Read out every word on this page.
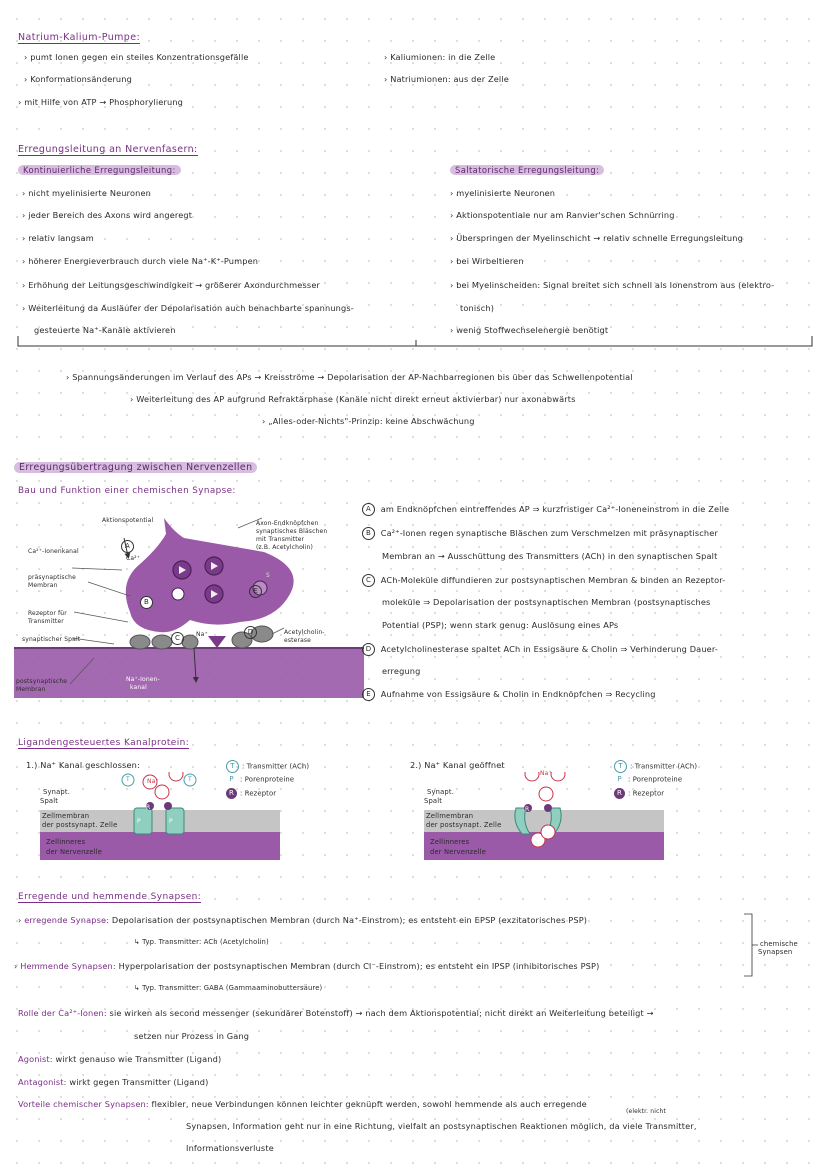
Natrium-Kalium-Pumpe:
› pumt Ionen gegen ein steiles Konzentrationsgefälle
› Konformationsänderung
› mit Hilfe von ATP → Phosphorylierung
› Kaliumionen: in die Zelle
› Natriumionen: aus der Zelle
Erregungsleitung an Nervenfasern:
Kontinuierliche Erregungsleitung:	Saltatorische Erregungsleitung:
› nicht myelinisierte Neuronen
› jeder Bereich des Axons wird angeregt
› relativ langsam
› höherer Energieverbrauch durch viele Na⁺-K⁺-Pumpen
› Erhöhung der Leitungsgeschwindigkeit → größerer Axondurchmesser
› Weiterleitung da Ausläufer der Depolarisation auch benachbarte spannungs-
gesteuerte Na⁺-Kanäle aktivieren
› myelinisierte Neuronen
› Aktionspotentiale nur am Ranvier'schen Schnürring
› Überspringen der Myelinschicht → relativ schnelle Erregungsleitung
› bei Wirbeltieren
› bei Myelinscheiden: Signal breitet sich schnell als Ionenstrom aus (elektro-
tonisch)
› wenig Stoffwechselenergie benötigt
› Spannungsänderungen im Verlauf des APs → Kreisströme → Depolarisation der AP-Nachbarregionen bis über das Schwellenpotential
› Weiterleitung des AP aufgrund Refraktärphase (Kanäle nicht direkt erneut aktivierbar) nur axonabwärts
› „Alles-oder-Nichts"-Prinzip: keine Abschwächung
Erregungsübertragung zwischen Nervenzellen
Bau und Funktion einer chemischen Synapse:
Aktionspotential	Axon-Endknöpfchen
synaptisches Bläschen
mit Transmitter
(z.B. Acetylcholin)
Ca²⁺-Ionenkanal
Ca²⁺
präsynaptische
Membran
Rezeptor für
Transmitter
synaptischer Spalt
Na⁺	Acetylcholin-
esterase
postsynaptische
Membran
Na⁺-Ionen-
kanal
A
C
D
E
S
A am Endknöpfchen eintreffendes AP ⇒ kurzfristiger Ca²⁺-Ioneneinstrom in die Zelle
B Ca²⁺-Ionen regen synaptische Bläschen zum Verschmelzen mit präsynaptischer
Membran an → Ausschüttung des Transmitters (ACh) in den synaptischen Spalt
C ACh-Moleküle diffundieren zur postsynaptischen Membran & binden an Rezeptor-
moleküle ⇒ Depolarisation der postsynaptischen Membran (postsynaptisches
Potential (PSP); wenn stark genug: Auslösung eines APs
D Acetylcholinesterase spaltet ACh in Essigsäure & Cholin ⇒ Verhinderung Dauer-
erregung
E Aufnahme von Essigsäure & Cholin in Endknöpfchen ⇒ Recycling
Ligandengesteuertes Kanalprotein:
1.) Na⁺ Kanal geschlossen:	2.) Na⁺ Kanal geöffnet
T : Transmitter (ACh)
P : Porenproteine
R : Rezeptor
T : Transmitter (ACh)
P : Porenproteine
R : Rezeptor
Synapt.
Spalt
Zellmembran
der postsynapt. Zelle
Zellinneres
der Nervenzelle
Synapt.
Spalt
Zellmembran
der postsynapt. Zelle
Zellinneres
der Nervenzelle
Erregende und hemmende Synapsen:
› erregende Synapse: Depolarisation der postsynaptischen Membran (durch Na⁺-Einstrom); es entsteht ein EPSP (exzitatorisches PSP)
↳ Typ. Transmitter: ACh (Acetylcholin)
› Hemmende Synapsen: Hyperpolarisation der postsynaptischen Membran (durch Cl⁻-Einstrom); es entsteht ein IPSP (inhibitorisches PSP)
↳ Typ. Transmitter: GABA (Gammaaminobuttersäure)
chemische
Synapsen
Rolle der Ca²⁺-Ionen: sie wirken als second messenger (sekundärer Botenstoff) → nach dem Aktionspotential; nicht direkt an Weiterleitung beteiligt →
setzen nur Prozess in Gang
Agonist: wirkt genauso wie Transmitter (Ligand)
Antagonist: wirkt gegen Transmitter (Ligand)
Vorteile chemischer Synapsen: flexibler, neue Verbindungen können leichter geknüpft werden, sowohl hemmende als auch erregende
(elektr. nicht
Synapsen, Information geht nur in eine Richtung, vielfalt an postsynaptischen Reaktionen möglich, da viele Transmitter,
Informationsverluste
P	P
T	T
Na⁺
Na⁺
R	R
B
